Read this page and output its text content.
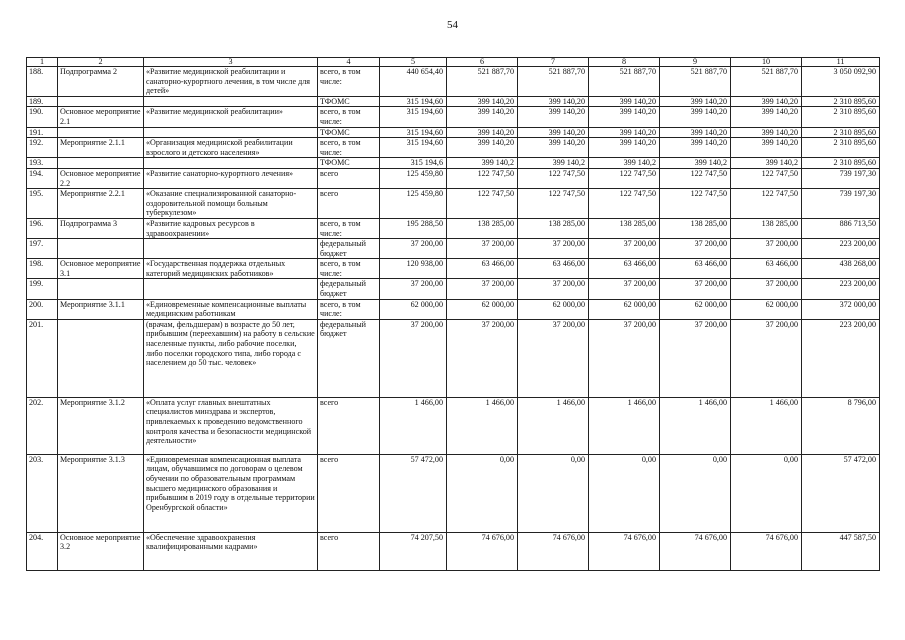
54
1	2	3	4	5	6	7	8	9	10	11
188.	Подпрограмма 2	«Развитие медицинской реабилитации и санаторно-курортного лечения, в том числе для детей»	всего, в том числе:	440 654,40	521 887,70	521 887,70	521 887,70	521 887,70	521 887,70	3 050 092,90
189.			ТФОМС	315 194,60	399 140,20	399 140,20	399 140,20	399 140,20	399 140,20	2 310 895,60
190.	Основное мероприятие 2.1	«Развитие медицинской реабилитации»	всего, в том числе:	315 194,60	399 140,20	399 140,20	399 140,20	399 140,20	399 140,20	2 310 895,60
191.			ТФОМС	315 194,60	399 140,20	399 140,20	399 140,20	399 140,20	399 140,20	2 310 895,60
192.	Мероприятие 2.1.1	«Организация медицинской реабилитации взрослого и детского населения»	всего, в том числе:	315 194,60	399 140,20	399 140,20	399 140,20	399 140,20	399 140,20	2 310 895,60
193.			ТФОМС	315 194,6	399 140,2	399 140,2	399 140,2	399 140,2	399 140,2	2 310 895,60
194.	Основное мероприятие 2.2	«Развитие санаторно-курортного лечения»	всего	125 459,80	122 747,50	122 747,50	122 747,50	122 747,50	122 747,50	739 197,30
195.	Мероприятие 2.2.1	«Оказание специализированной санаторно-оздоровительной помощи больным туберкулезом»	всего	125 459,80	122 747,50	122 747,50	122 747,50	122 747,50	122 747,50	739 197,30
196.	Подпрограмма 3	«Развитие кадровых ресурсов в здравоохранении»	всего, в том числе:	195 288,50	138 285,00	138 285,00	138 285,00	138 285,00	138 285,00	886 713,50
197.			федеральный бюджет	37 200,00	37 200,00	37 200,00	37 200,00	37 200,00	37 200,00	223 200,00
198.	Основное мероприятие 3.1	«Государственная поддержка отдельных категорий медицинских работников»	всего, в том числе:	120 938,00	63 466,00	63 466,00	63 466,00	63 466,00	63 466,00	438 268,00
199.			федеральный бюджет	37 200,00	37 200,00	37 200,00	37 200,00	37 200,00	37 200,00	223 200,00
200.	Мероприятие 3.1.1	«Единовременные компенсационные выплаты медицинским работникам	всего, в том числе:	62 000,00	62 000,00	62 000,00	62 000,00	62 000,00	62 000,00	372 000,00
201.		(врачам, фельдшерам) в возрасте до 50 лет, прибывшим (переехавшим) на работу в сельские населенные пункты, либо рабочие поселки, либо поселки городского типа, либо города с населением до 50 тыс. человек»	федеральный бюджет	37 200,00	37 200,00	37 200,00	37 200,00	37 200,00	37 200,00	223 200,00
202.	Мероприятие 3.1.2	«Оплата услуг главных внештатных специалистов минздрава и экспертов, привлекаемых к проведению ведомственного контроля качества и безопасности медицинской деятельности»	всего	1 466,00	1 466,00	1 466,00	1 466,00	1 466,00	1 466,00	8 796,00
203.	Мероприятие 3.1.3	«Единовременная компенсационная выплата лицам, обучавшимся по договорам о целевом обучении по образовательным программам высшего медицинского образования и прибывшим в 2019 году в отдельные территории Оренбургской области»	всего	57 472,00	0,00	0,00	0,00	0,00	0,00	57 472,00
204.	Основное мероприятие 3.2	«Обеспечение здравоохранения квалифицированными кадрами»	всего	74 207,50	74 676,00	74 676,00	74 676,00	74 676,00	74 676,00	447 587,50
